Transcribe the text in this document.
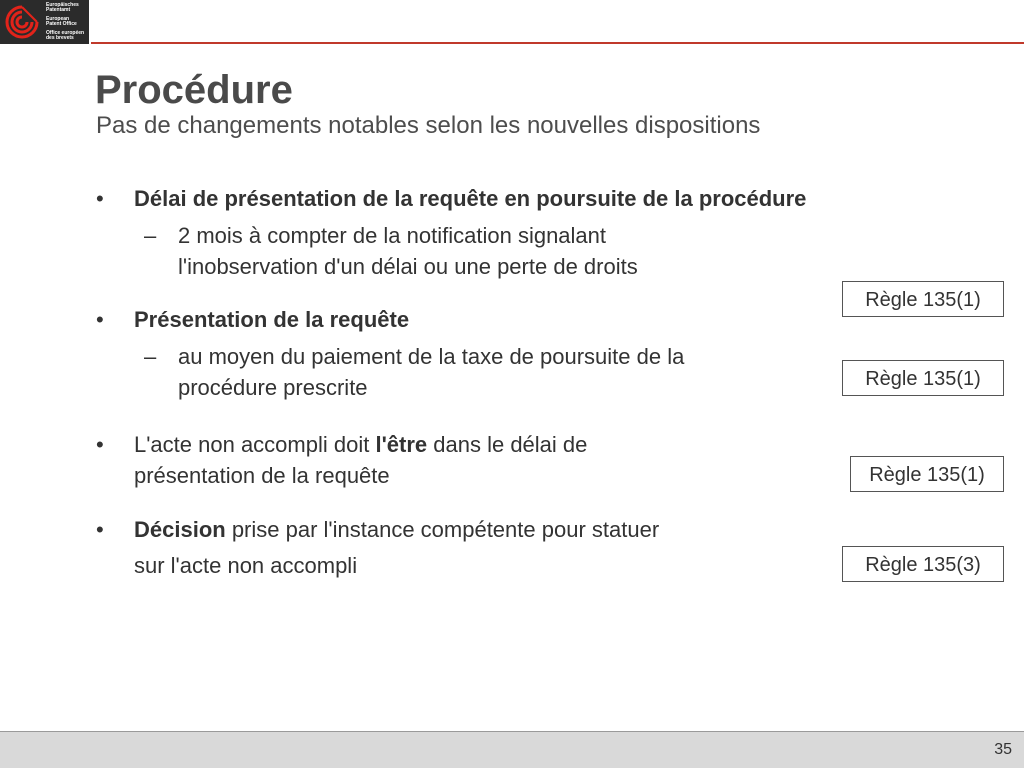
Europäisches
Patentamt
European
Patent Office
Office européen
des brevets
Procédure

Pas de changements notables selon les nouvelles dispositions

•	Délai de présentation de la requête en poursuite de la procédure
– 2 mois à compter de la notification signalant
l'inobservation d'un délai ou une perte de droits
•	Présentation de la requête
– au moyen du paiement de la taxe de poursuite de la
procédure prescrite
•	L'acte non accompli doit l'être dans le délai de
présentation de la requête
•	Décision prise par l'instance compétente pour statuer
sur l'acte non accompli
Règle 135(1)
Règle 135(1)
Règle 135(1)
Règle 135(3)
35
